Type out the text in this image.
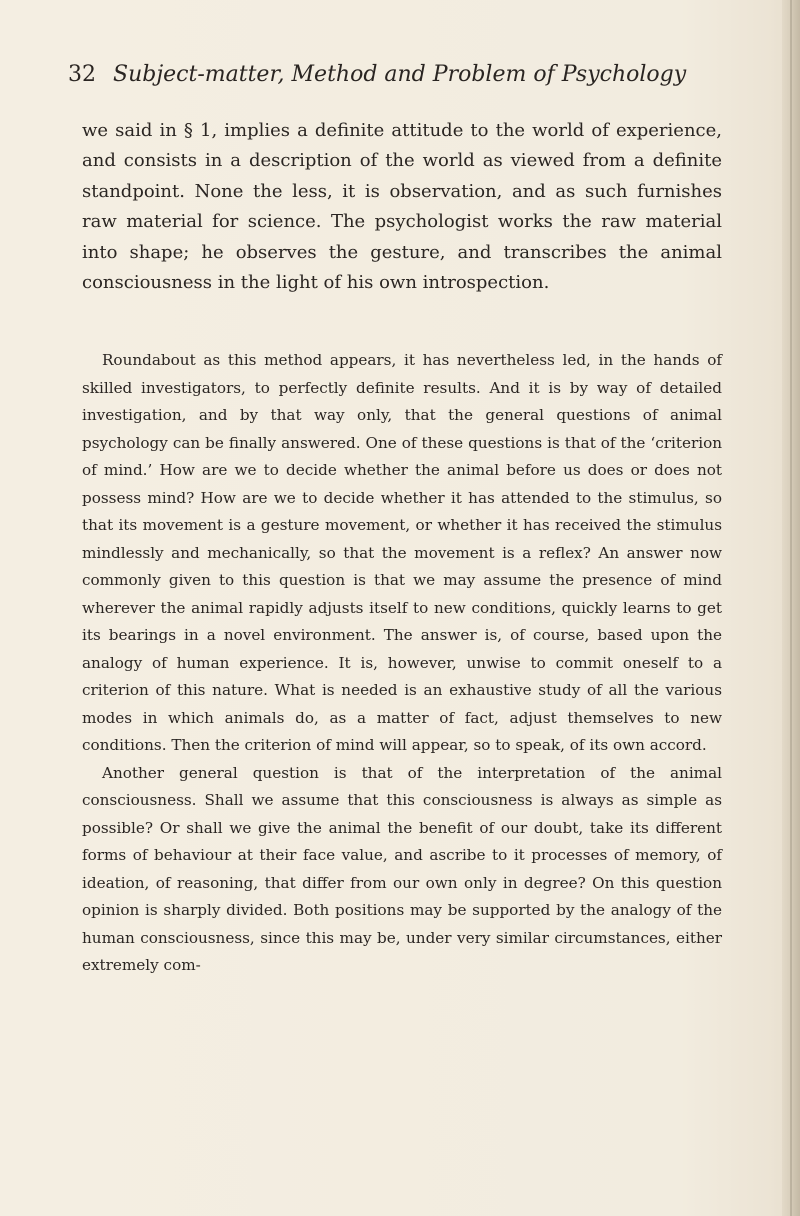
32 Subject-matter, Method and Problem of Psychology

we said in § 1, implies a definite attitude to the world of experience, and consists in a description of the world as viewed from a definite standpoint. None the less, it is observation, and as such furnishes raw material for science. The psychologist works the raw material into shape; he observes the gesture, and transcribes the animal consciousness in the light of his own introspection.

Roundabout as this method appears, it has nevertheless led, in the hands of skilled investigators, to perfectly definite results. And it is by way of detailed investigation, and by that way only, that the general questions of animal psychology can be finally answered. One of these questions is that of the ‘criterion of mind.’ How are we to decide whether the animal before us does or does not possess mind? How are we to decide whether it has attended to the stimulus, so that its movement is a gesture movement, or whether it has received the stimulus mindlessly and mechanically, so that the movement is a reflex? An answer now commonly given to this question is that we may assume the presence of mind wherever the animal rapidly adjusts itself to new conditions, quickly learns to get its bearings in a novel environment. The answer is, of course, based upon the analogy of human experience. It is, however, unwise to commit oneself to a criterion of this nature. What is needed is an exhaustive study of all the various modes in which animals do, as a matter of fact, adjust themselves to new conditions. Then the criterion of mind will appear, so to speak, of its own accord.

Another general question is that of the interpretation of the animal consciousness. Shall we assume that this consciousness is always as simple as possible? Or shall we give the animal the benefit of our doubt, take its different forms of behaviour at their face value, and ascribe to it processes of memory, of ideation, of reasoning, that differ from our own only in degree? On this question opinion is sharply divided. Both positions may be supported by the analogy of the human consciousness, since this may be, under very similar circumstances, either extremely com-
